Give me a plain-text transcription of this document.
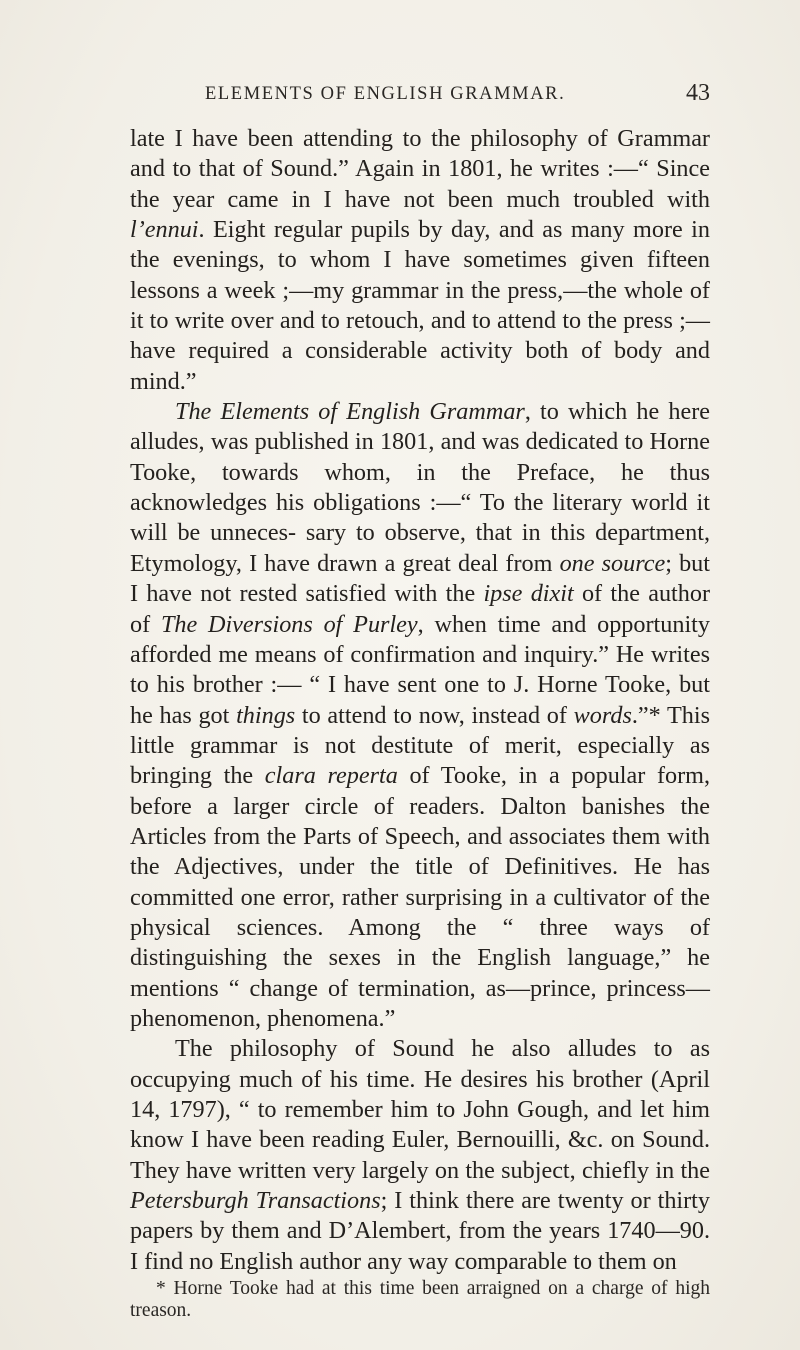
ELEMENTS OF ENGLISH GRAMMAR.	43

late I have been attending to the philosophy of Grammar and to that of Sound.” Again in 1801, he writes :—“ Since the year came in I have not been much troubled with l’ennui. Eight regular pupils by day, and as many more in the evenings, to whom I have sometimes given fifteen lessons a week ;—my grammar in the press,—the whole of it to write over and to retouch, and to attend to the press ;—have required a considerable activity both of body and mind.”

The Elements of English Grammar, to which he here alludes, was published in 1801, and was dedicated to Horne Tooke, towards whom, in the Preface, he thus acknowledges his obligations :—“ To the literary world it will be unneces- sary to observe, that in this department, Etymology, I have drawn a great deal from one source; but I have not rested satisfied with the ipse dixit of the author of The Diversions of Purley, when time and opportunity afforded me means of confirmation and inquiry.” He writes to his brother :— “ I have sent one to J. Horne Tooke, but he has got things to attend to now, instead of words.”* This little grammar is not destitute of merit, especially as bringing the clara reperta of Tooke, in a popular form, before a larger circle of readers. Dalton banishes the Articles from the Parts of Speech, and associates them with the Adjectives, under the title of Definitives. He has committed one error, rather surprising in a cultivator of the physical sciences. Among the “ three ways of distinguishing the sexes in the English language,” he mentions “ change of termination, as—prince, princess—phenomenon, phenomena.”

The philosophy of Sound he also alludes to as occupying much of his time. He desires his brother (April 14, 1797), “ to remember him to John Gough, and let him know I have been reading Euler, Bernouilli, &c. on Sound. They have written very largely on the subject, chiefly in the Petersburgh Transactions; I think there are twenty or thirty papers by them and D’Alembert, from the years 1740—90. I find no English author any way comparable to them on

* Horne Tooke had at this time been arraigned on a charge of high treason.
